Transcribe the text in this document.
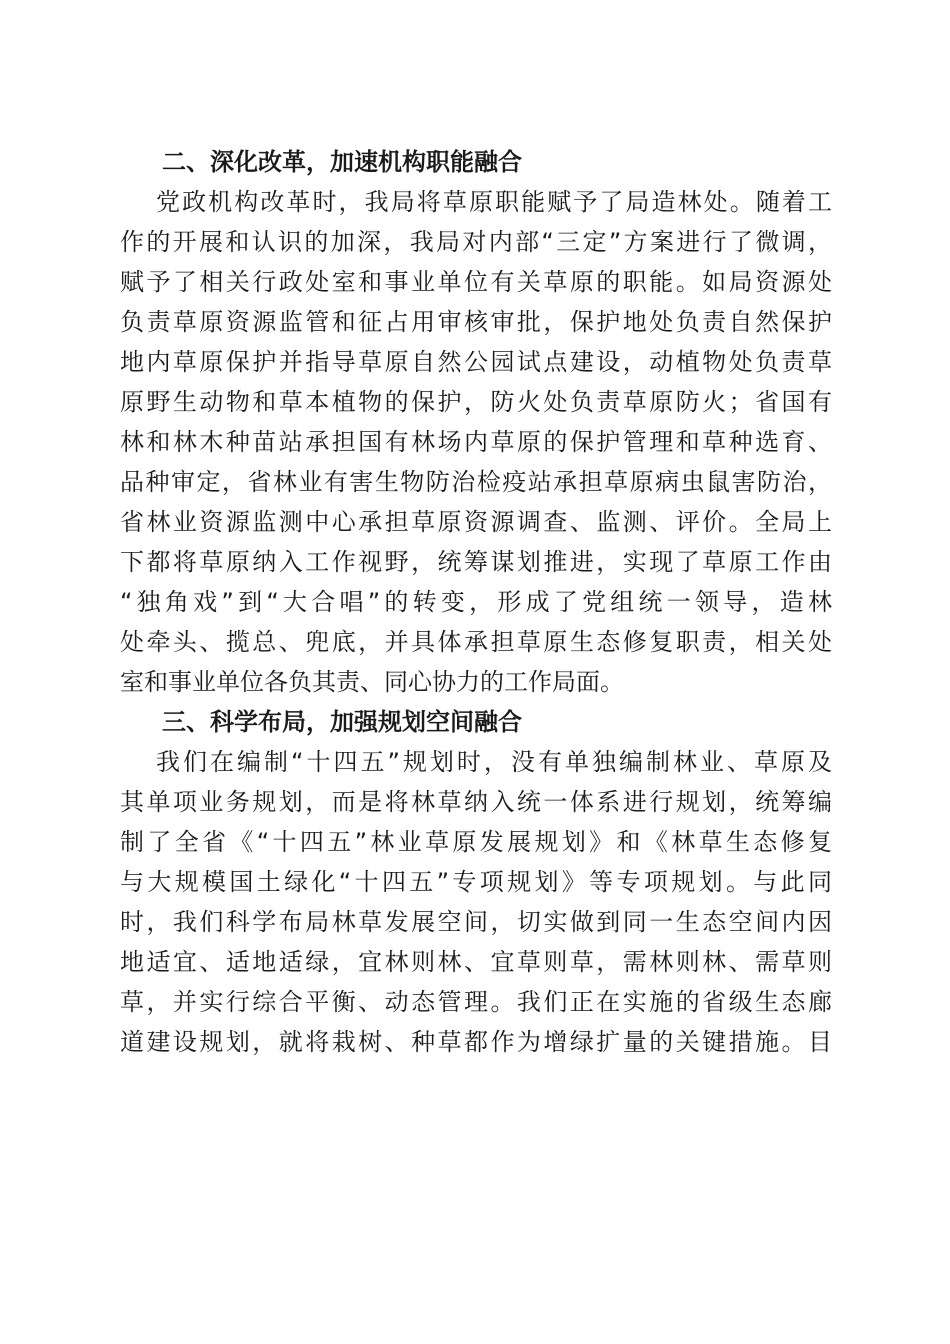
二、深化改革，加速机构职能融合
党政机构改革时，我局将草原职能赋予了局造林处。随着工
作的开展和认识的加深，我局对内部“三定”方案进行了微调，
赋予了相关行政处室和事业单位有关草原的职能。如局资源处
负责草原资源监管和征占用审核审批，保护地处负责自然保护
地内草原保护并指导草原自然公园试点建设，动植物处负责草
原野生动物和草本植物的保护，防火处负责草原防火；省国有
林和林木种苗站承担国有林场内草原的保护管理和草种选育、
品种审定，省林业有害生物防治检疫站承担草原病虫鼠害防治，
省林业资源监测中心承担草原资源调查、监测、评价。全局上
下都将草原纳入工作视野，统筹谋划推进，实现了草原工作由
“独角戏”到“大合唱”的转变，形成了党组统一领导，造林
处牵头、揽总、兜底，并具体承担草原生态修复职责，相关处
室和事业单位各负其责、同心协力的工作局面。
三、科学布局，加强规划空间融合
我们在编制“十四五”规划时，没有单独编制林业、草原及
其单项业务规划，而是将林草纳入统一体系进行规划，统筹编
制了全省《“十四五”林业草原发展规划》和《林草生态修复
与大规模国土绿化“十四五”专项规划》等专项规划。与此同
时，我们科学布局林草发展空间，切实做到同一生态空间内因
地适宜、适地适绿，宜林则林、宜草则草，需林则林、需草则
草，并实行综合平衡、动态管理。我们正在实施的省级生态廊
道建设规划，就将栽树、种草都作为增绿扩量的关键措施。目
